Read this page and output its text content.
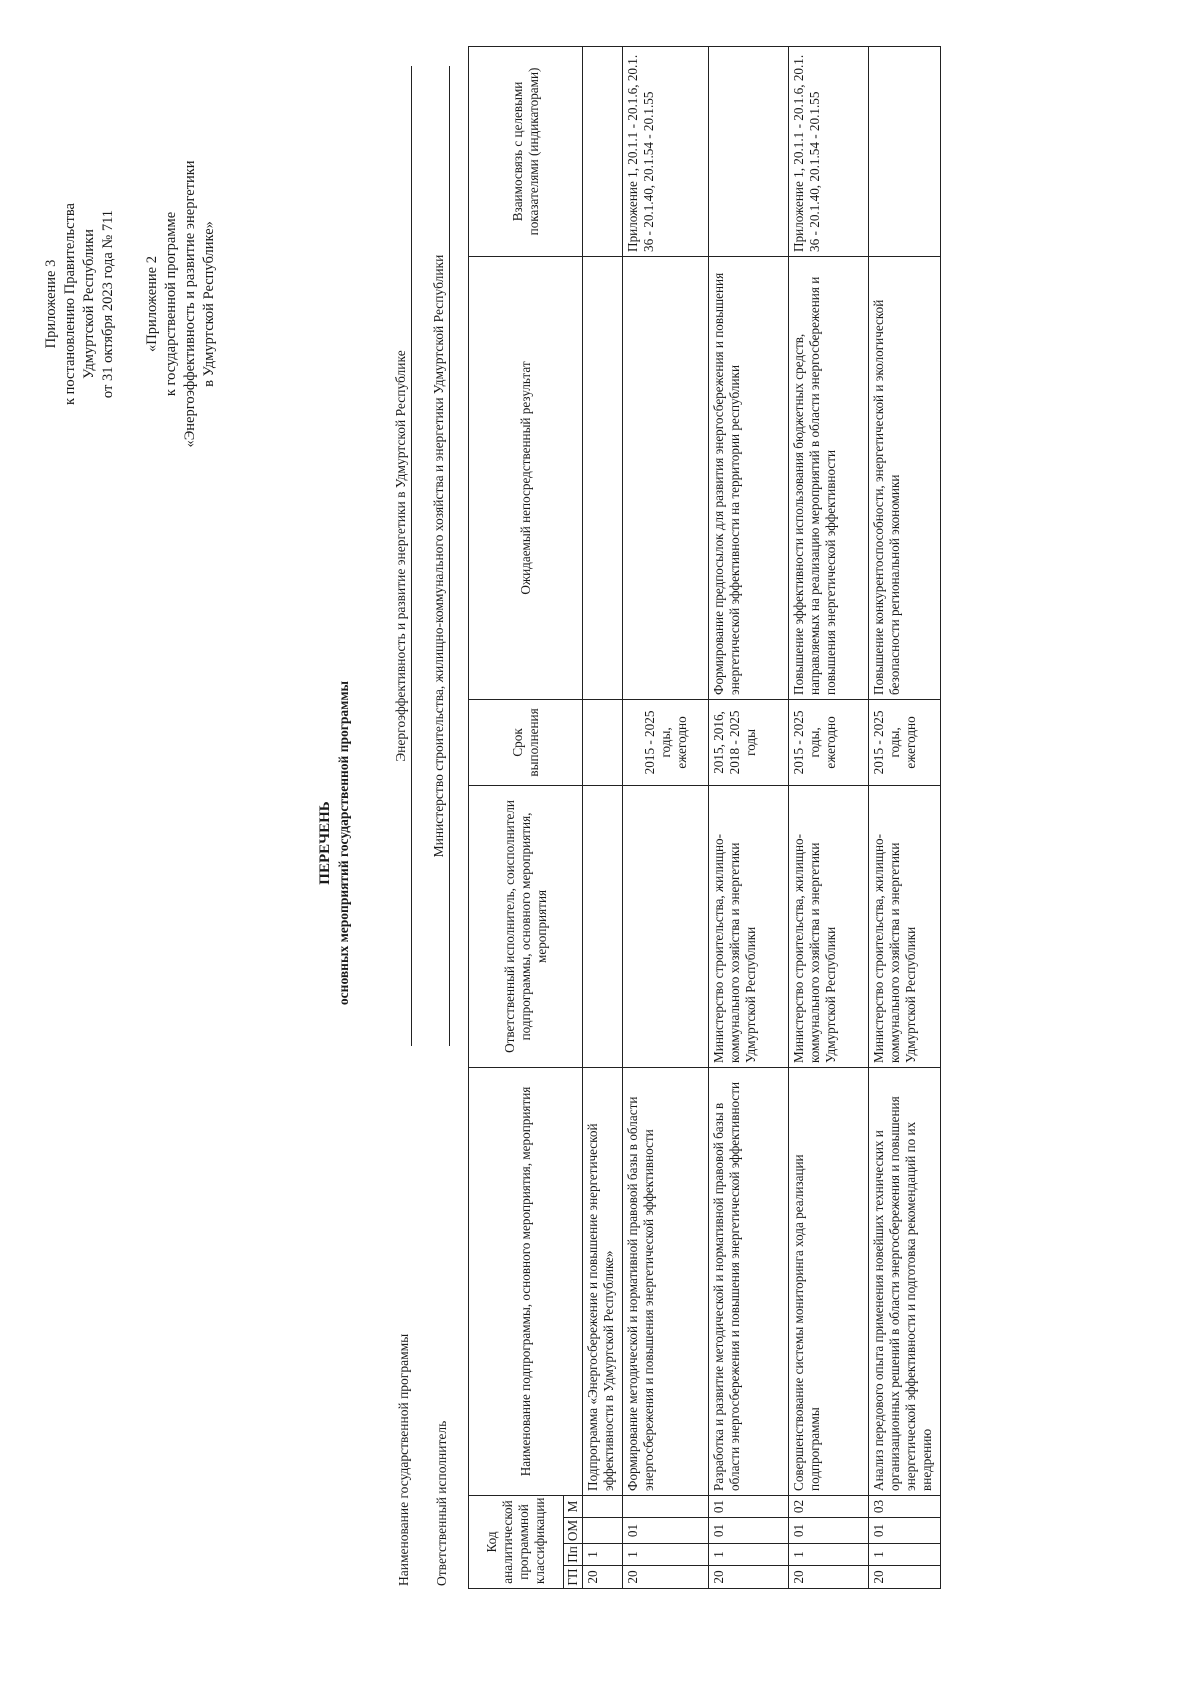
Приложение 3 к постановлению Правительства Удмуртской Республики от 31 октября 2023 года № 711 «Приложение 2 к государственной программе «Энергоэффективность и развитие энергетики в Удмуртской Республике»
ПЕРЕЧЕНЬ основных мероприятий государственной программы
Наименование государственной программы
Энергоэффективность и развитие энергетики в Удмуртской Республике
Ответственный исполнитель
Министерство строительства, жилищно-коммунального хозяйства и энергетики Удмуртской Республики
Код аналитической программной классификации				Наименование подпрограммы, основного мероприятия, мероприятия	Ответственный исполнитель, соисполнители подпрограммы, основного мероприятия, мероприятия	Срок выполнения	Ожидаемый непосредственный результат	Взаимосвязь с целевыми показателями (индикаторами)
ГП	Пп	ОМ	М					
20	1			Подпрограмма «Энергосбережение и повышение энергетической эффективности в Удмуртской Республике»				
20	1	01		Формирование методической и нормативной правовой базы в области энергосбережения и повышения энергетической эффективности		2015 - 2025 годы, ежегодно		Приложение 1, 20.1.1 - 20.1.6, 20.1. 36 - 20.1.40, 20.1.54 - 20.1.55
20	1	01	01	Разработка и развитие методической и нормативной правовой базы в области энергосбережения и повышения энергетической эффективности	Министерство строительства, жилищно-коммунального хозяйства и энергетики Удмуртской Республики	2015, 2016, 2018 - 2025 годы	Формирование предпосылок для развития энергосбережения и повышения энергетической эффективности на территории республики	
20	1	01	02	Совершенствование системы мониторинга хода реализации подпрограммы	Министерство строительства, жилищно-коммунального хозяйства и энергетики Удмуртской Республики	2015 - 2025 годы, ежегодно	Повышение эффективности использования бюджетных средств, направляемых на реализацию мероприятий в области энергосбережения и повышения энергетической эффективности	Приложение 1, 20.1.1 - 20.1.6, 20.1. 36 - 20.1.40, 20.1.54 - 20.1.55
20	1	01	03	Анализ передового опыта применения новейших технических и организационных решений в области энергосбережения и повышения энергетической эффективности и подготовка рекомендаций по их внедрению	Министерство строительства, жилищно-коммунального хозяйства и энергетики Удмуртской Республики	2015 - 2025 годы, ежегодно	Повышение конкурентоспособности, энергетической и экологической безопасности региональной экономики	
